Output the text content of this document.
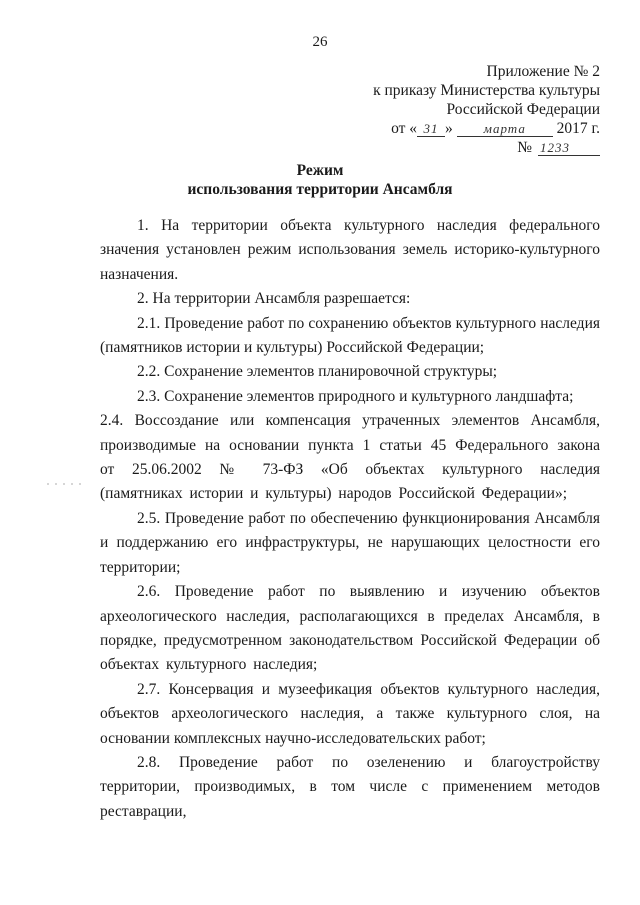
26
Приложение № 2
к приказу Министерства культуры
Российской Федерации
от « 31 » марта 2017 г.
№ 1233
Режим
использования территории Ансамбля

1. На территории объекта культурного наследия федерального значения установлен режим использования земель историко-культурного назначения.

2. На территории Ансамбля разрешается:

2.1. Проведение работ по сохранению объектов культурного наследия (памятников истории и культуры) Российской Федерации;

2.2. Сохранение элементов планировочной структуры;

2.3. Сохранение элементов природного и культурного ландшафта;

2.4. Воссоздание или компенсация утраченных элементов Ансамбля, производимые на основании пункта 1 статьи 45 Федерального закона от 25.06.2002 № 73-ФЗ «Об объектах культурного наследия (памятниках истории и культуры) народов Российской Федерации»;

2.5. Проведение работ по обеспечению функционирования Ансамбля и поддержанию его инфраструктуры, не нарушающих целостности его территории;

2.6. Проведение работ по выявлению и изучению объектов археологического наследия, располагающихся в пределах Ансамбля, в порядке, предусмотренном законодательством Российской Федерации об объектах культурного наследия;

2.7. Консервация и музеефикация объектов культурного наследия, объектов археологического наследия, а также культурного слоя, на основании комплексных научно-исследовательских работ;

2.8. Проведение работ по озеленению и благоустройству территории, производимых, в том числе с применением методов реставрации,
